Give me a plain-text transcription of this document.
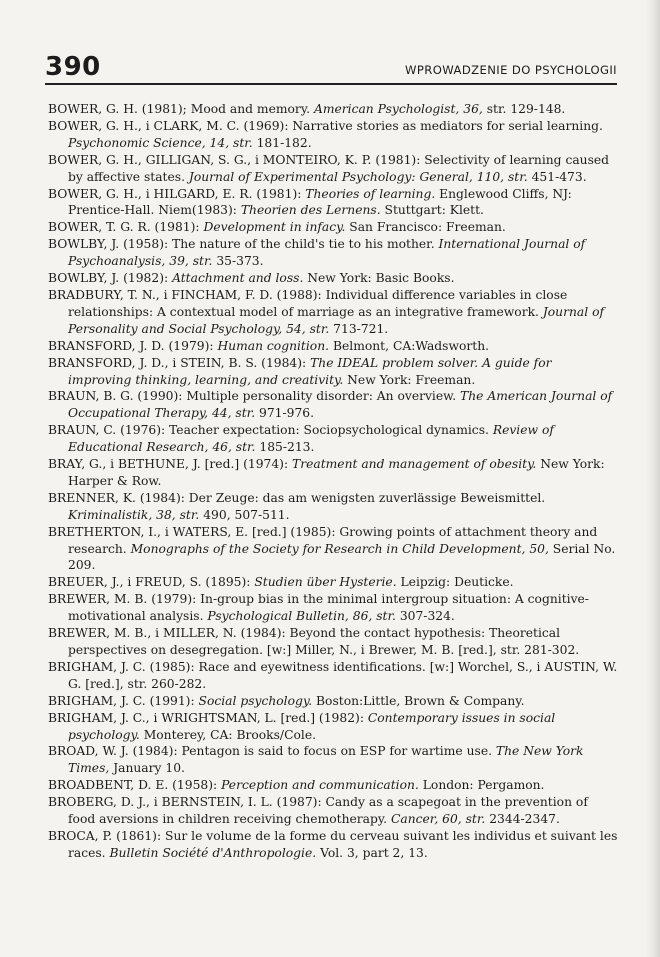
390	WPROWADZENIE DO PSYCHOLOGII

BOWER, G. H. (1981); Mood and memory. American Psychologist, 36, str. 129-148.

BOWER, G. H., i CLARK, M. C. (1969): Narrative stories as mediators for serial learning. Psychonomic Science, 14, str. 181-182.

BOWER, G. H., GILLIGAN, S. G., i MONTEIRO, K. P. (1981): Selectivity of learning caused by affective states. Journal of Experimental Psychology: General, 110, str. 451-473.

BOWER, G. H., i HILGARD, E. R. (1981): Theories of learning. Englewood Cliffs, NJ: Prentice-Hall. Niem(1983): Theorien des Lernens. Stuttgart: Klett.

BOWER, T. G. R. (1981): Development in infacy. San Francisco: Freeman.

BOWLBY, J. (1958): The nature of the child's tie to his mother. International Journal of Psychoanalysis, 39, str. 35-373.

BOWLBY, J. (1982): Attachment and loss. New York: Basic Books.

BRADBURY, T. N., i FINCHAM, F. D. (1988): Individual difference variables in close relationships: A contextual model of marriage as an integrative framework. Journal of Personality and Social Psychology, 54, str. 713-721.

BRANSFORD, J. D. (1979): Human cognition. Belmont, CA:Wadsworth.

BRANSFORD, J. D., i STEIN, B. S. (1984): The IDEAL problem solver. A guide for improving thinking, learning, and creativity. New York: Freeman.

BRAUN, B. G. (1990): Multiple personality disorder: An overview. The American Journal of Occupational Therapy, 44, str. 971-976.

BRAUN, C. (1976): Teacher expectation: Sociopsychological dynamics. Review of Educational Research, 46, str. 185-213.

BRAY, G., i BETHUNE, J. [red.] (1974): Treatment and management of obesity. New York: Harper & Row.

BRENNER, K. (1984): Der Zeuge: das am wenigsten zuverlässige Beweismittel. Kriminalistik, 38, str. 490, 507-511.

BRETHERTON, I., i WATERS, E. [red.] (1985): Growing points of attachment theory and research. Monographs of the Society for Research in Child Development, 50, Serial No. 209.

BREUER, J., i FREUD, S. (1895): Studien über Hysterie. Leipzig: Deuticke.

BREWER, M. B. (1979): In-group bias in the minimal intergroup situation: A cognitive-motivational analysis. Psychological Bulletin, 86, str. 307-324.

BREWER, M. B., i MILLER, N. (1984): Beyond the contact hypothesis: Theoretical perspectives on desegregation. [w:] Miller, N., i Brewer, M. B. [red.], str. 281-302.

BRIGHAM, J. C. (1985): Race and eyewitness identifications. [w:] Worchel, S., i AUSTIN, W. G. [red.], str. 260-282.

BRIGHAM, J. C. (1991): Social psychology. Boston:Little, Brown & Company.

BRIGHAM, J. C., i WRIGHTSMAN, L. [red.] (1982): Contemporary issues in social psychology. Monterey, CA: Brooks/Cole.

BROAD, W. J. (1984): Pentagon is said to focus on ESP for wartime use. The New York Times, January 10.

BROADBENT, D. E. (1958): Perception and communication. London: Pergamon.

BROBERG, D. J., i BERNSTEIN, I. L. (1987): Candy as a scapegoat in the prevention of food aversions in children receiving chemotherapy. Cancer, 60, str. 2344-2347.

BROCA, P. (1861): Sur le volume de la forme du cerveau suivant les individus et suivant les races. Bulletin Société d'Anthropologie. Vol. 3, part 2, 13.
